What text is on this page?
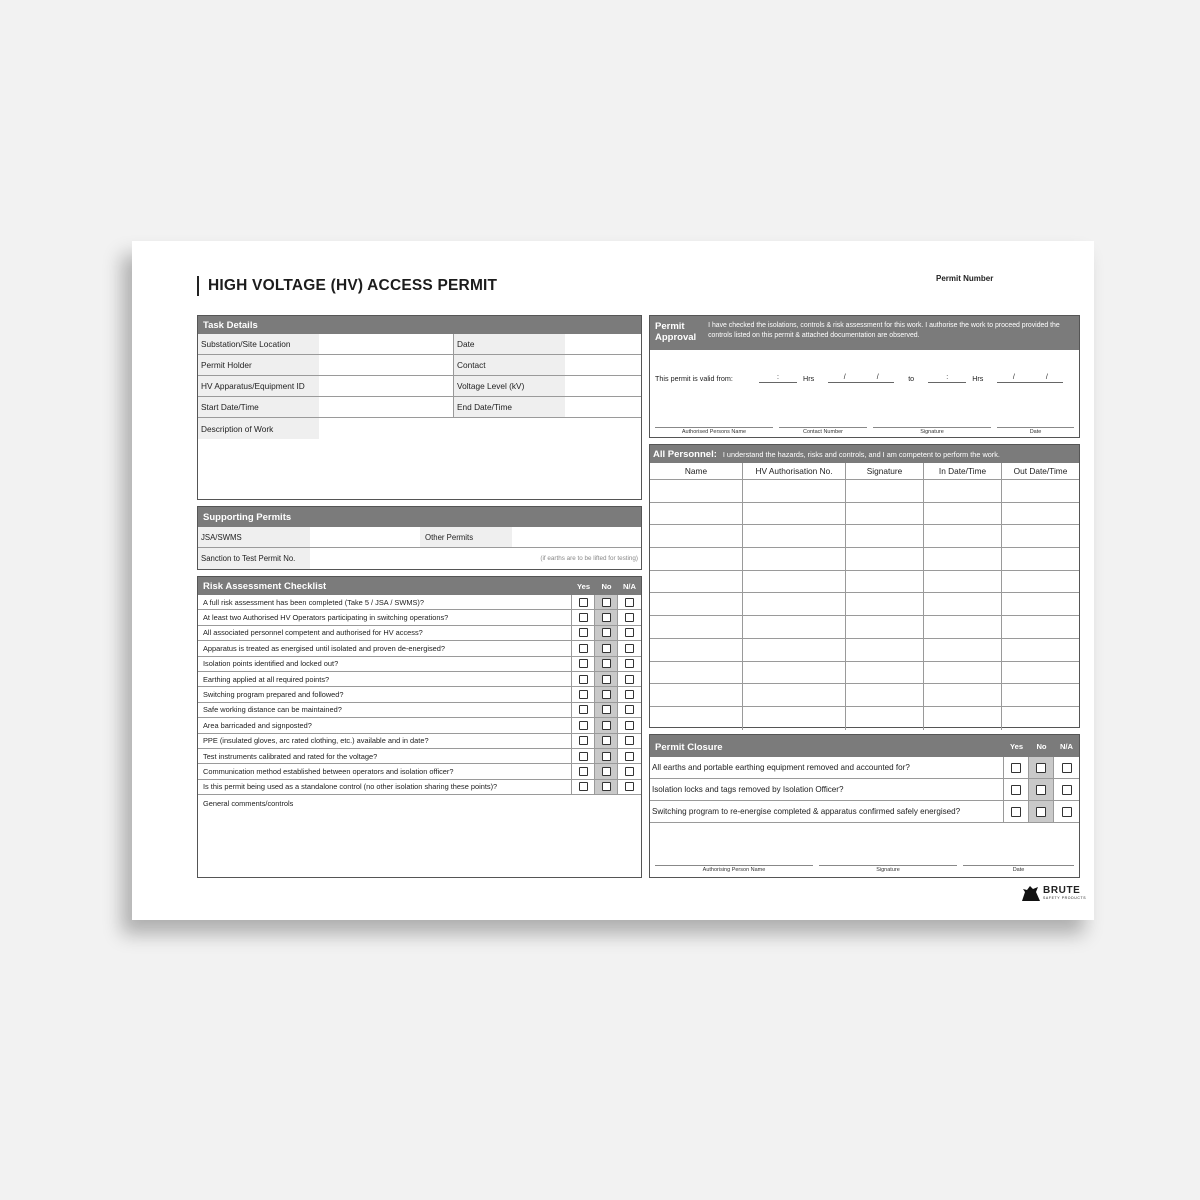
HIGH VOLTAGE (HV) ACCESS PERMIT	Permit Number
Task Details
Substation/Site Location	Date
Permit Holder	Contact
HV Apparatus/Equipment ID	Voltage Level (kV)
Start Date/Time	End Date/Time
Description of Work
Supporting Permits
JSA/SWMS	Other Permits
Sanction to Test Permit No.	(if earths are to be lifted for testing)
Risk Assessment Checklist	Yes	No	N/A
A full risk assessment has been completed (Take 5 / JSA / SWMS)?
At least two Authorised HV Operators participating in switching operations?
All associated personnel competent and authorised for HV access?
Apparatus is treated as energised until isolated and proven de-energised?
Isolation points identified and locked out?
Earthing applied at all required points?
Switching program prepared and followed?
Safe working distance can be maintained?
Area barricaded and signposted?
PPE (insulated gloves, arc rated clothing, etc.) available and in date?
Test instruments calibrated and rated for the voltage?
Communication method established between operators and isolation officer?
Is this permit being used as a standalone control (no other isolation sharing these points)?
General comments/controls
Permit Approval
I have checked the isolations, controls & risk assessment for this work. I authorise the work to proceed provided the controls listed on this permit & attached documentation are observed.
This permit is valid from:	:	Hrs	/	/	to	:	Hrs	/	/
Authorised Persons Name	Contact Number	Signature	Date
All Personnel: I understand the hazards, risks and controls, and I am competent to perform the work.
Name	HV Authorisation No.	Signature	In Date/Time	Out Date/Time
Permit Closure	Yes	No	N/A
All earths and portable earthing equipment removed and accounted for?
Isolation locks and tags removed by Isolation Officer?
Switching program to re-energise completed & apparatus confirmed safely energised?
Authorising Person Name	Signature	Date
BRUTE
SAFETY PRODUCTS
